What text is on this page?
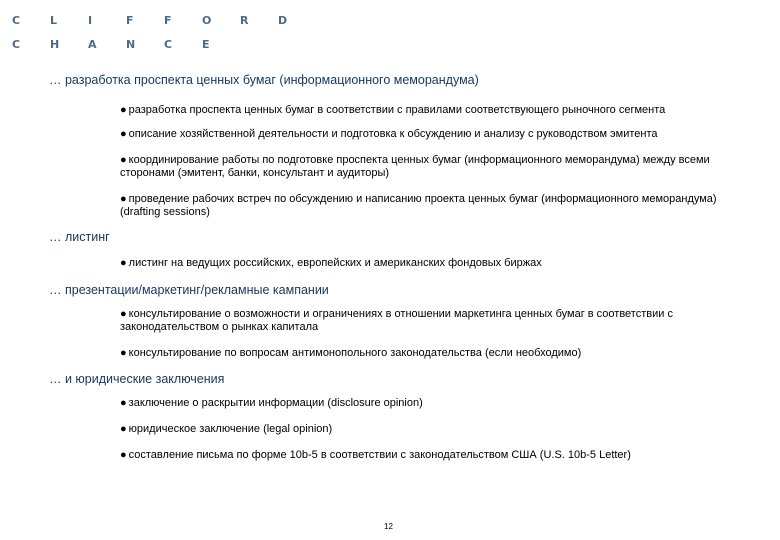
C	L	I	F	F	O	R	D
C	H	A	N	C	E
… разработка проспекта ценных бумаг (информационного меморандума)
● разработка проспекта ценных бумаг в соответствии с правилами соответствующего рыночного сегмента
● описание хозяйственной деятельности и подготовка к обсуждению и анализу с руководством эмитента
● координирование работы по подготовке проспекта ценных бумаг (информационного меморандума) между всеми сторонами (эмитент, банки, консультант и аудиторы)
● проведение рабочих встреч по обсуждению и написанию проекта ценных бумаг (информационного меморандума) (drafting sessions)
… листинг
● листинг на ведущих российских, европейских и американских фондовых биржах
… презентации/маркетинг/рекламные кампании
● консультирование о возможности и ограничениях в отношении маркетинга ценных бумаг в соответствии с законодательством о рынках капитала
● консультирование по вопросам антимонопольного законодательства (если необходимо)
… и юридические заключения
● заключение о раскрытии информации (disclosure opinion)
● юридическое заключение (legal opinion)
● составление письма по форме 10b-5 в соответствии с законодательством США (U.S. 10b-5 Letter)
12
